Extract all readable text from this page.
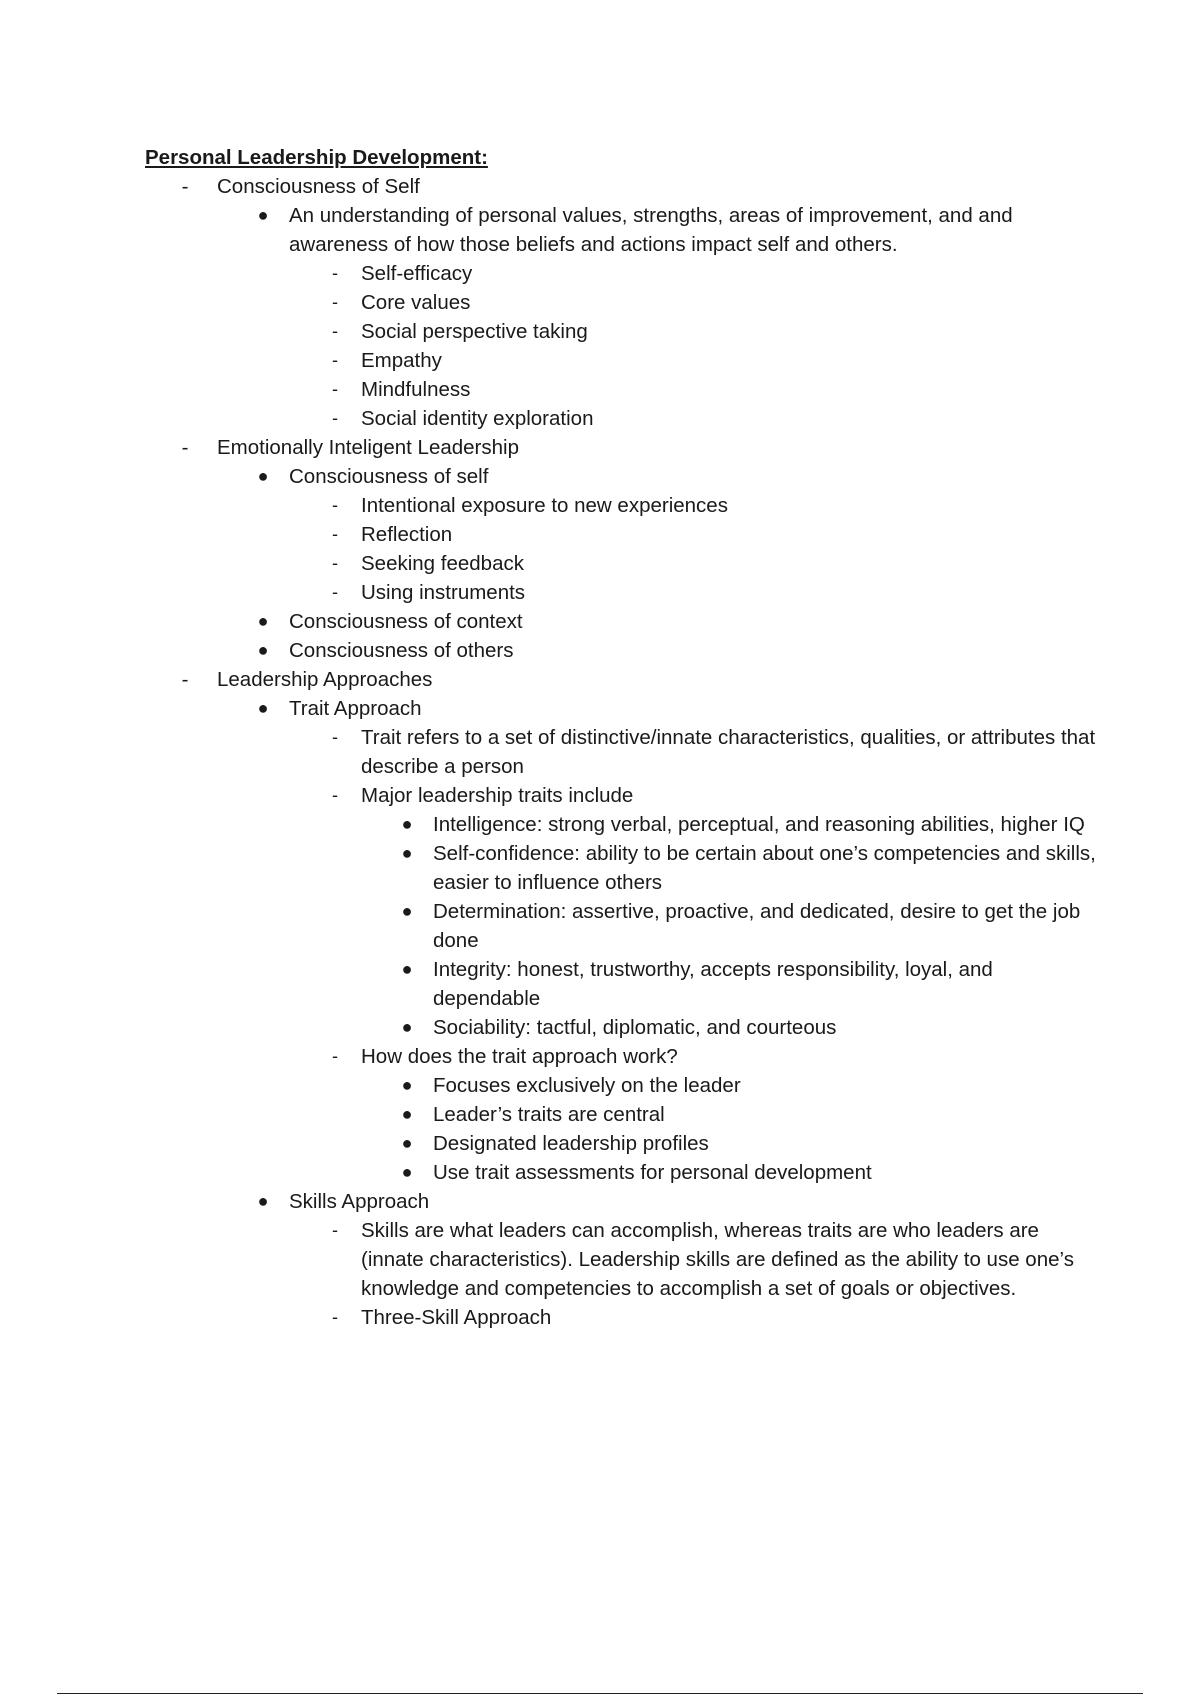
Personal Leadership Development:
-	Consciousness of Self
● An understanding of personal values, strengths, areas of improvement, and and awareness of how those beliefs and actions impact self and others.
-	Self-efficacy
-	Core values
-	Social perspective taking
-	Empathy
-	Mindfulness
-	Social identity exploration
-	Emotionally Inteligent Leadership
● Consciousness of self
-	Intentional exposure to new experiences
-	Reflection
-	Seeking feedback
-	Using instruments
● Consciousness of context
● Consciousness of others
-	Leadership Approaches
● Trait Approach
-	Trait refers to a set of distinctive/innate characteristics, qualities, or attributes that describe a person
-	Major leadership traits include
● Intelligence: strong verbal, perceptual, and reasoning abilities, higher IQ
● Self-confidence: ability to be certain about one’s competencies and skills, easier to influence others
● Determination: assertive, proactive, and dedicated, desire to get the job done
● Integrity: honest, trustworthy, accepts responsibility, loyal, and dependable
● Sociability: tactful, diplomatic, and courteous
-	How does the trait approach work?
● Focuses exclusively on the leader
● Leader’s traits are central
● Designated leadership profiles
● Use trait assessments for personal development
● Skills Approach
-	Skills are what leaders can accomplish, whereas traits are who leaders are (innate characteristics). Leadership skills are defined as the ability to use one’s knowledge and competencies to accomplish a set of goals or objectives.
-	Three-Skill Approach
